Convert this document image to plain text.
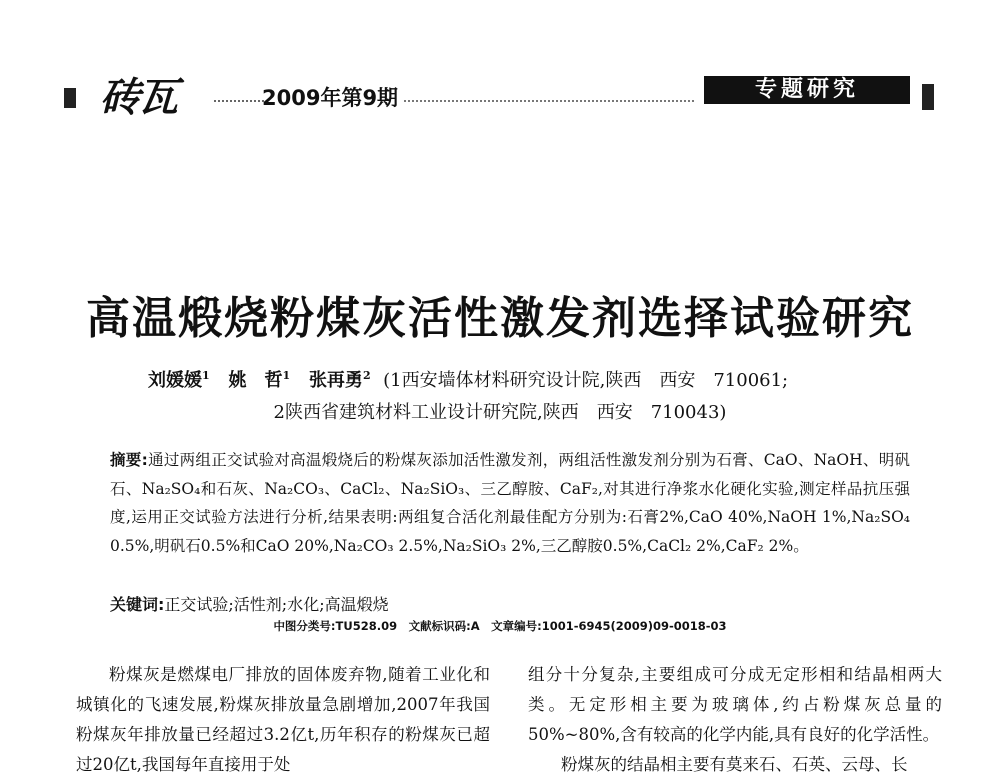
砖瓦	2009年第9期	专题研究
高温煅烧粉煤灰活性激发剂选择试验研究
刘媛媛$^1$ 姚　哲$^1$ 张再勇$^2$ (1西安墙体材料研究设计院,陕西　西安　710061;
2陕西省建筑材料工业设计研究院,陕西　西安　710043)
摘要:通过两组正交试验对高温煅烧后的粉煤灰添加活性激发剂，两组活性激发剂分别为石膏、CaO、NaOH、明矾石、Na₂SO₄和石灰、Na₂CO₃、CaCl₂、Na₂SiO₃、三乙醇胺、CaF₂,对其进行净浆水化硬化实验,测定样品抗压强度,运用正交试验方法进行分析,结果表明:两组复合活化剂最佳配方分别为:石膏2%,CaO 40%,NaOH 1%,Na₂SO₄ 0.5%,明矾石0.5%和CaO 20%,Na₂CO₃ 2.5%,Na₂SiO₃ 2%,三乙醇胺0.5%,CaCl₂ 2%,CaF₂ 2%。
关键词:正交试验;活性剂;水化;高温煅烧
中图分类号:TU528.09　文献标识码:A　文章编号:1001-6945(2009)09-0018-03

粉煤灰是燃煤电厂排放的固体废弃物,随着工业化和城镇化的飞速发展,粉煤灰排放量急剧增加,2007年我国粉煤灰年排放量已经超过3.2亿t,历年积存的粉煤灰已超过20亿t,我国每年直接用于处

组分十分复杂,主要组成可分成无定形相和结晶相两大类。无定形相主要为玻璃体,约占粉煤灰总量的50%~80%,含有较高的化学内能,具有良好的化学活性。

粉煤灰的结晶相主要有莫来石、石英、云母、长
